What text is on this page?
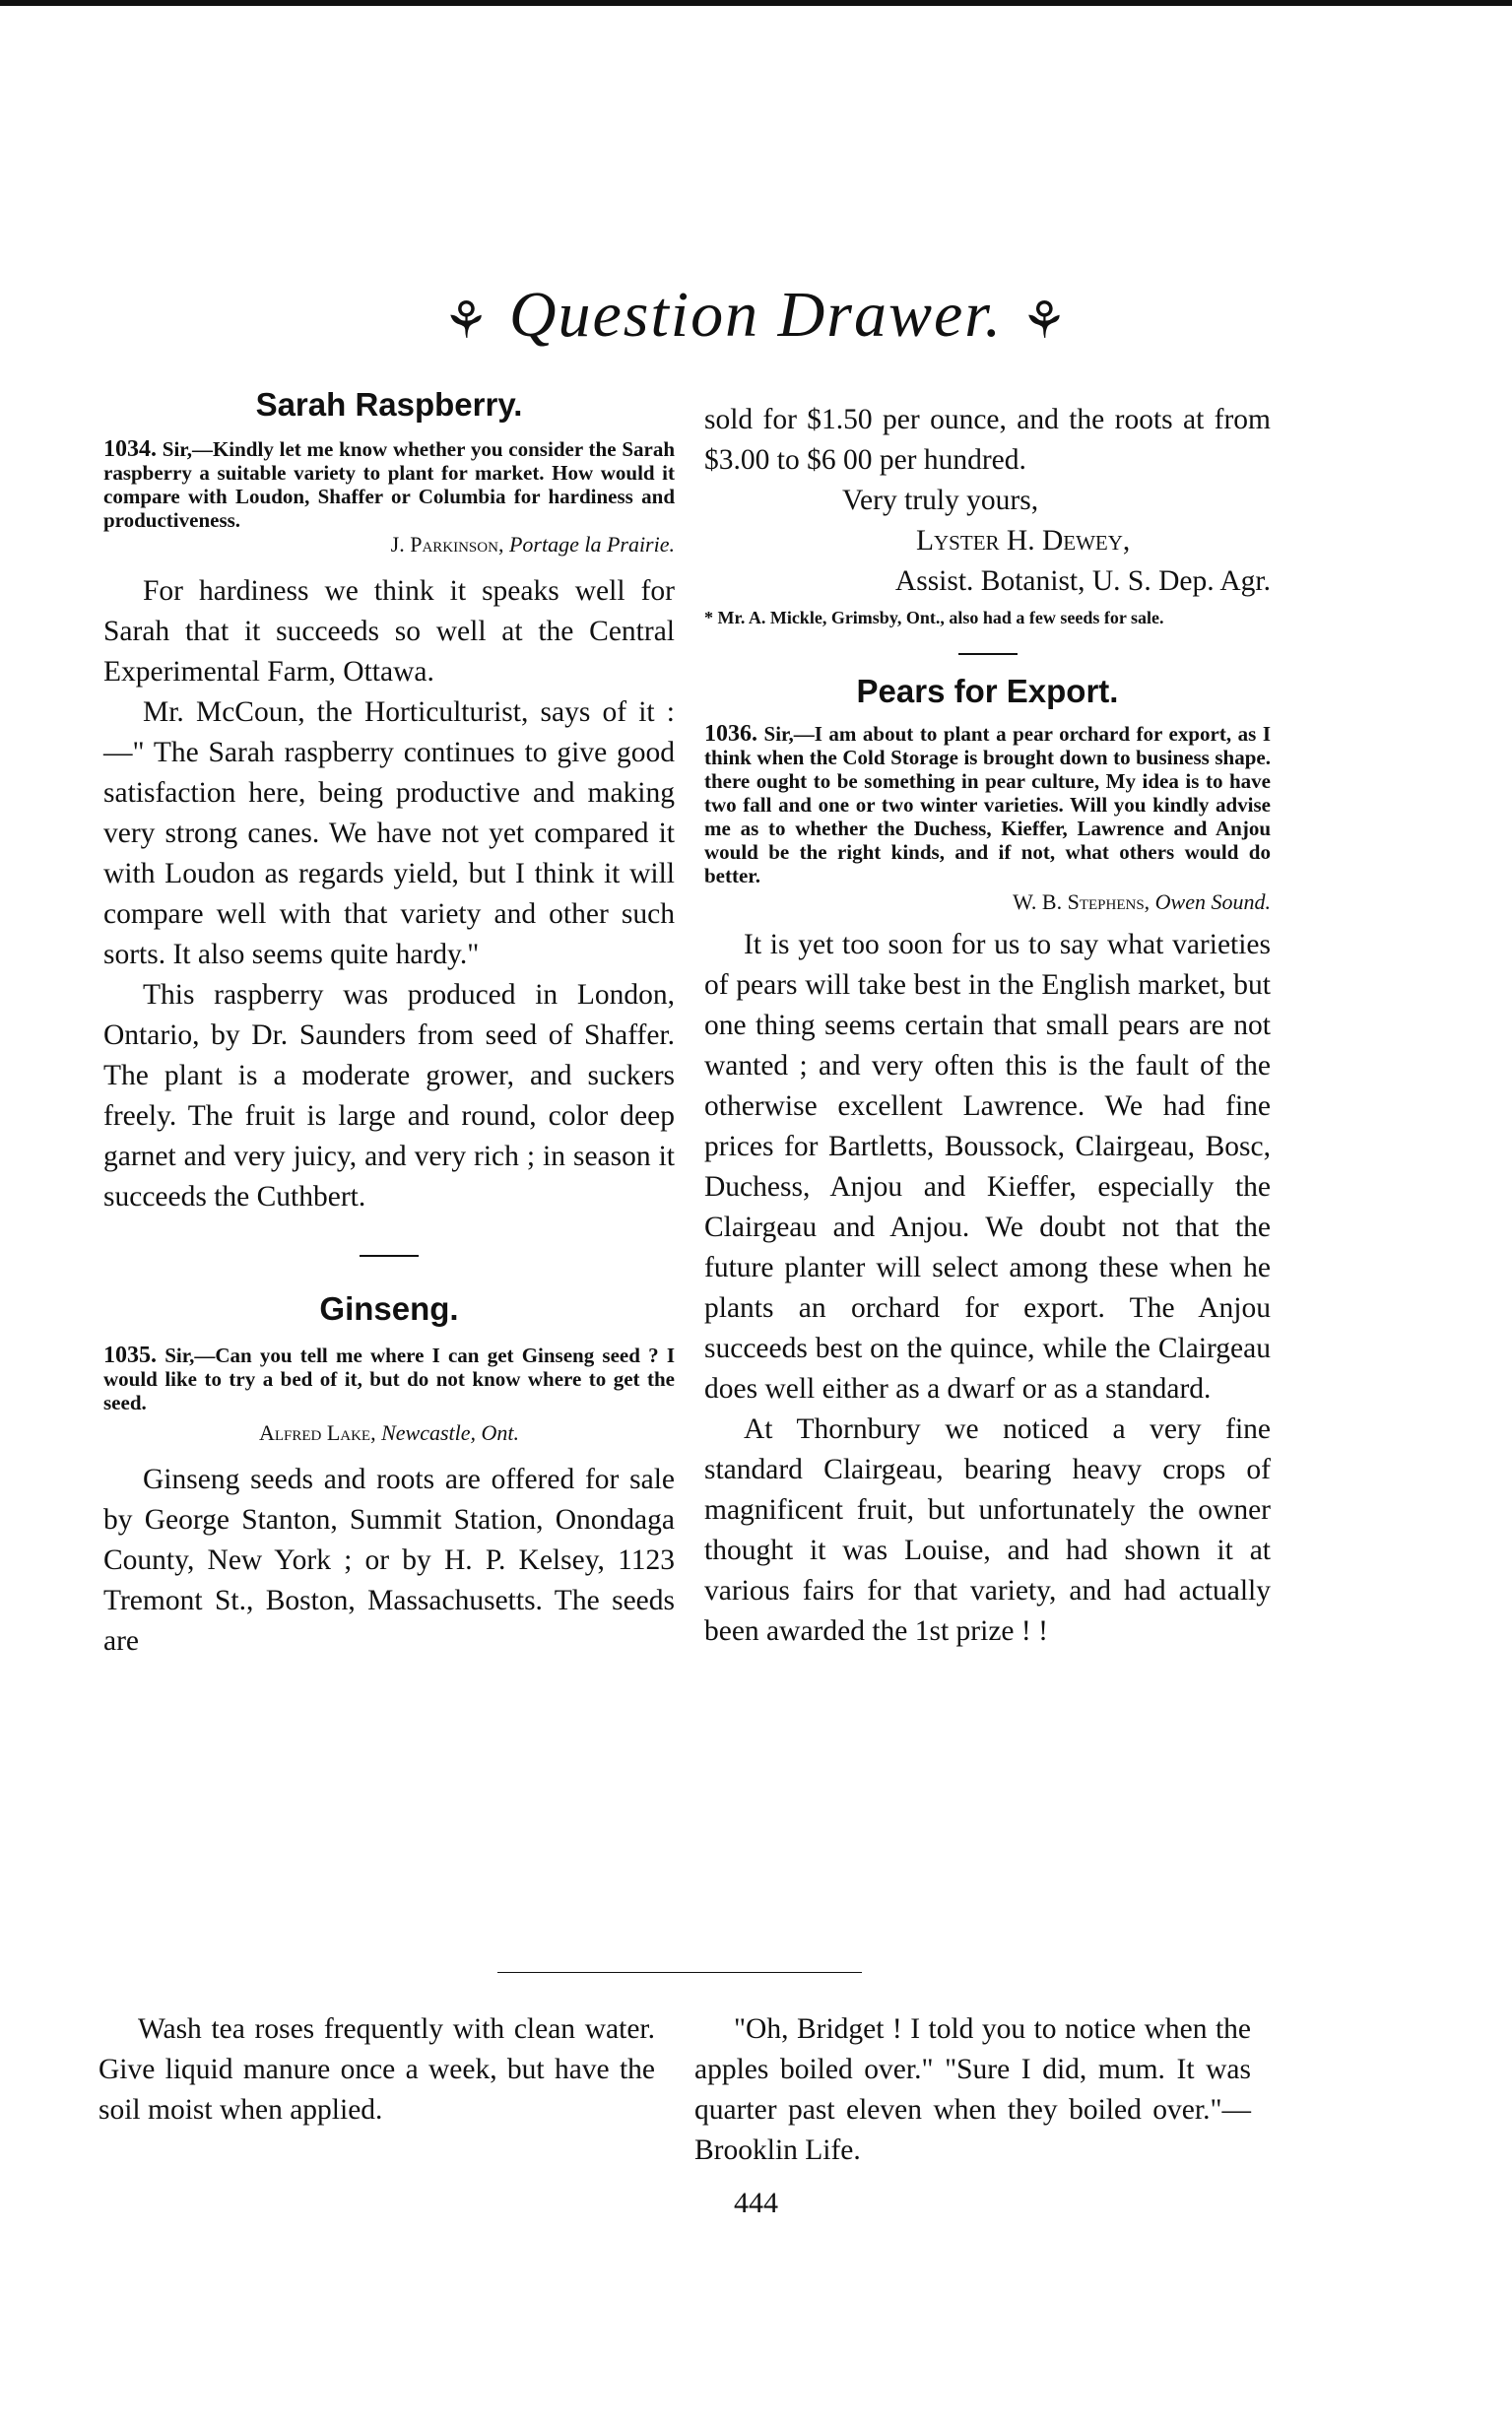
⚘ Question Drawer. ⚘
Sarah Raspberry.

1034. Sir,—Kindly let me know whether you consider the Sarah raspberry a suitable variety to plant for market. How would it compare with Loudon, Shaffer or Columbia for hardiness and productiveness.

J. Parkinson, Portage la Prairie.

For hardiness we think it speaks well for Sarah that it succeeds so well at the Central Experimental Farm, Ottawa.

Mr. McCoun, the Horticulturist, says of it :—" The Sarah raspberry continues to give good satisfaction here, being productive and making very strong canes. We have not yet compared it with Loudon as regards yield, but I think it will compare well with that variety and other such sorts. It also seems quite hardy."

This raspberry was produced in London, Ontario, by Dr. Saunders from seed of Shaffer. The plant is a moderate grower, and suckers freely. The fruit is large and round, color deep garnet and very juicy, and very rich ; in season it succeeds the Cuthbert.

Ginseng.

1035. Sir,—Can you tell me where I can get Ginseng seed ? I would like to try a bed of it, but do not know where to get the seed.

Alfred Lake, Newcastle, Ont.

Ginseng seeds and roots are offered for sale by George Stanton, Summit Station, Onondaga County, New York ; or by H. P. Kelsey, 1123 Tremont St., Boston, Massachusetts. The seeds are

sold for $1.50 per ounce, and the roots at from $3.00 to $6 00 per hundred.

Very truly yours,

Lyster H. Dewey,

Assist. Botanist, U. S. Dep. Agr.

* Mr. A. Mickle, Grimsby, Ont., also had a few seeds for sale.

Pears for Export.

1036. Sir,—I am about to plant a pear orchard for export, as I think when the Cold Storage is brought down to business shape. there ought to be something in pear culture, My idea is to have two fall and one or two winter varieties. Will you kindly advise me as to whether the Duchess, Kieffer, Lawrence and Anjou would be the right kinds, and if not, what others would do better.

W. B. Stephens, Owen Sound.

It is yet too soon for us to say what varieties of pears will take best in the English market, but one thing seems certain that small pears are not wanted ; and very often this is the fault of the otherwise excellent Lawrence. We had fine prices for Bartletts, Boussock, Clairgeau, Bosc, Duchess, Anjou and Kieffer, especially the Clairgeau and Anjou. We doubt not that the future planter will select among these when he plants an orchard for export. The Anjou succeeds best on the quince, while the Clairgeau does well either as a dwarf or as a standard.

At Thornbury we noticed a very fine standard Clairgeau, bearing heavy crops of magnificent fruit, but unfortunately the owner thought it was Louise, and had shown it at various fairs for that variety, and had actually been awarded the 1st prize ! !

Wash tea roses frequently with clean water. Give liquid manure once a week, but have the soil moist when applied.

"Oh, Bridget ! I told you to notice when the apples boiled over." "Sure I did, mum. It was quarter past eleven when they boiled over."—Brooklin Life.

444
